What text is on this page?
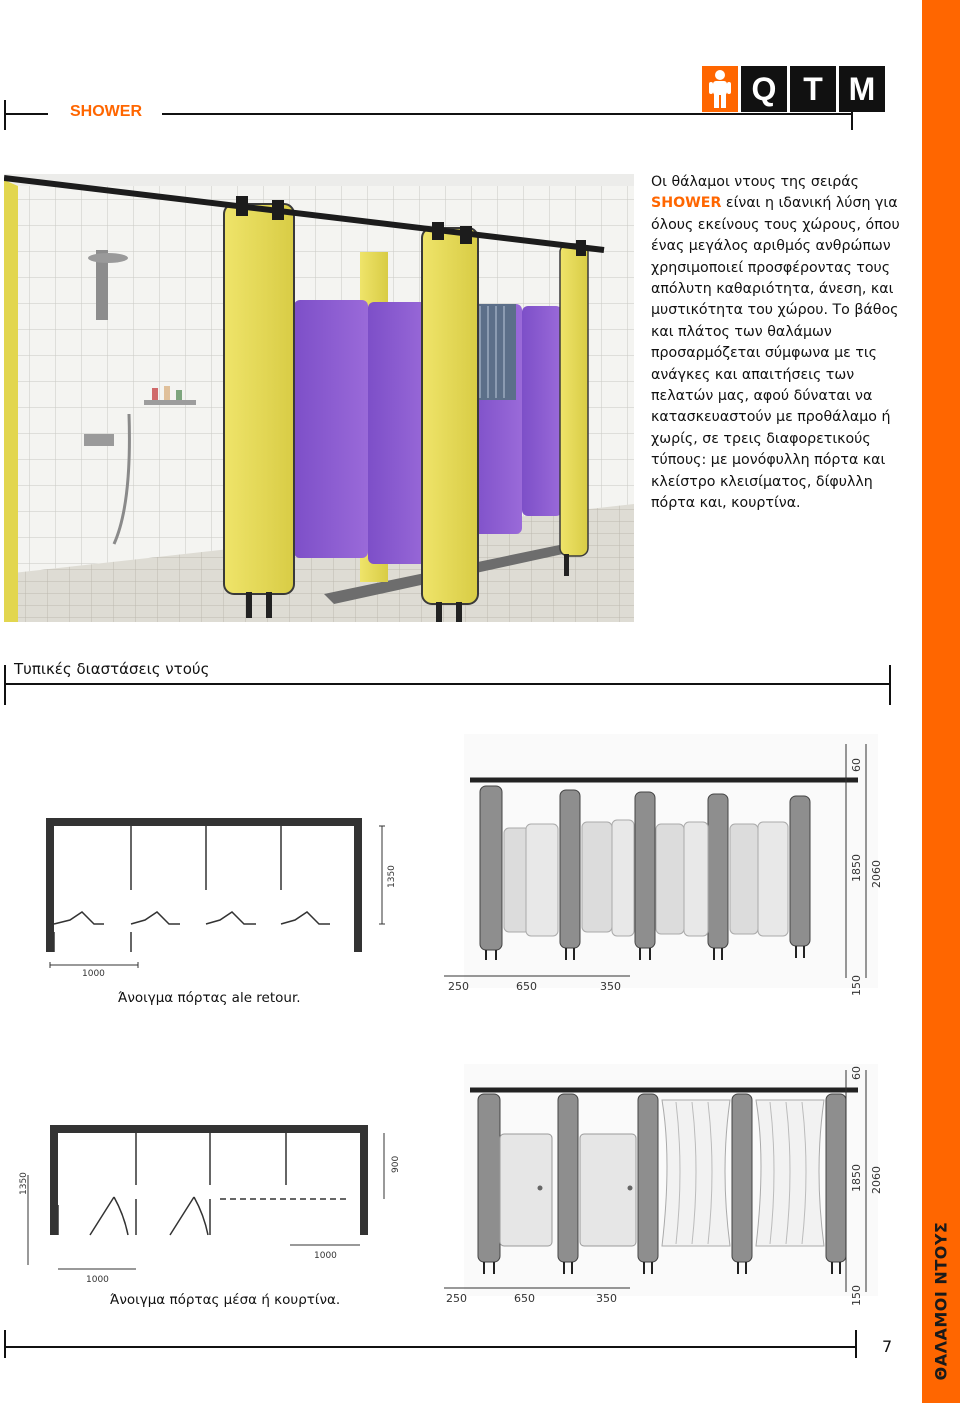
ΘΑΛΑΜΟΙ ΝΤΟΥΣ
SHOWER
Q T M
Οι θάλαμοι ντους της σειράς SHOWER είναι η ιδανική λύση για όλους εκείνους τους χώρους, όπου ένας μεγάλος αριθμός ανθρώπων χρησιμοποιεί προσφέροντας τους απόλυτη καθαριότητα, άνεση, και μυστικότητα του χώρου. Το βάθος και πλάτος των θαλάμων προσαρμόζεται σύμφωνα με τις ανάγκες και απαιτήσεις των πελατών μας, αφού δύναται να κατασκευαστούν με προθάλαμο ή χωρίς, σε τρεις διαφορετικούς τύπους: με μονόφυλλη πόρτα και κλείστρο κλεισίματος, δίφυλλη πόρτα και, κουρτίνα.
Τυπικές διαστάσεις ντούς
1000
1350
Άνοιγμα πόρτας ale retour.
250	650	350
60
1850 2060
150
1350
900
1000
1000
Άνοιγμα πόρτας μέσα ή κουρτίνα.	250	650	350
60
1850 2060
150
7
